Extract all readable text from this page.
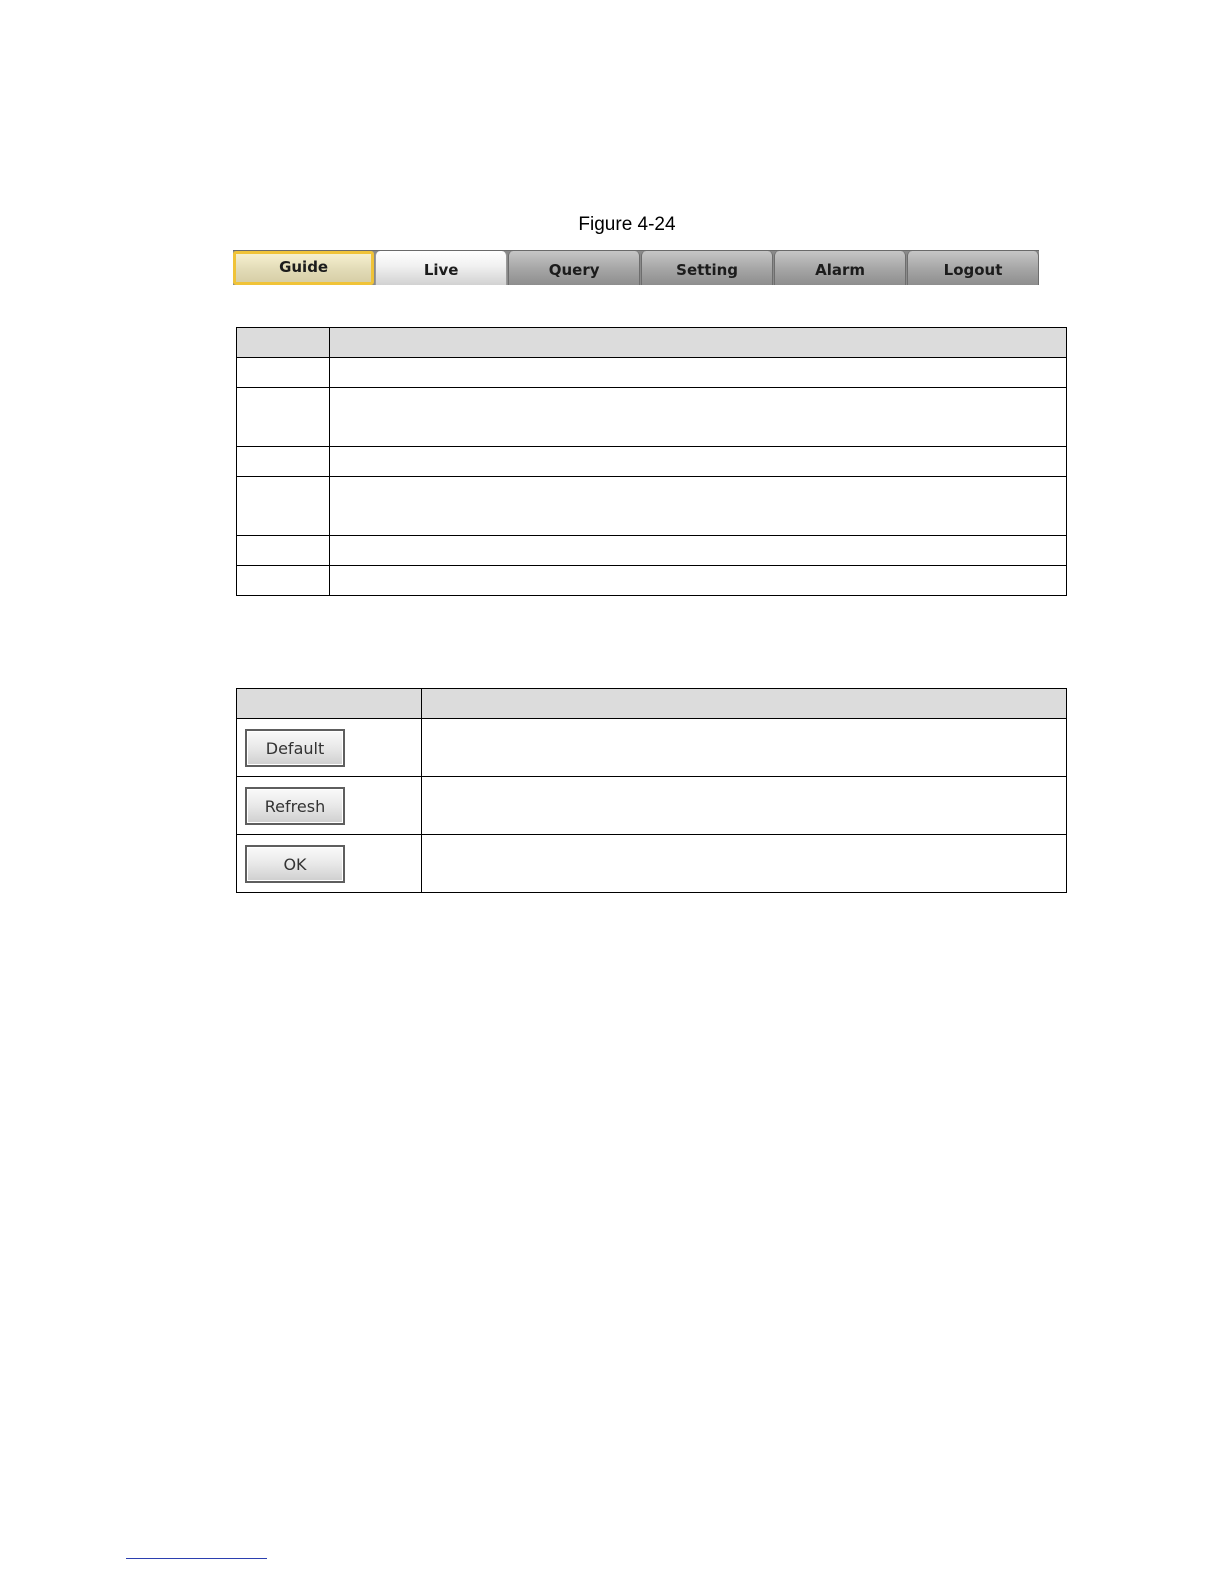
Figure 4-24
Guide	Live	Query	Setting	Alarm	Logout

Default	
Refresh	
OK	
